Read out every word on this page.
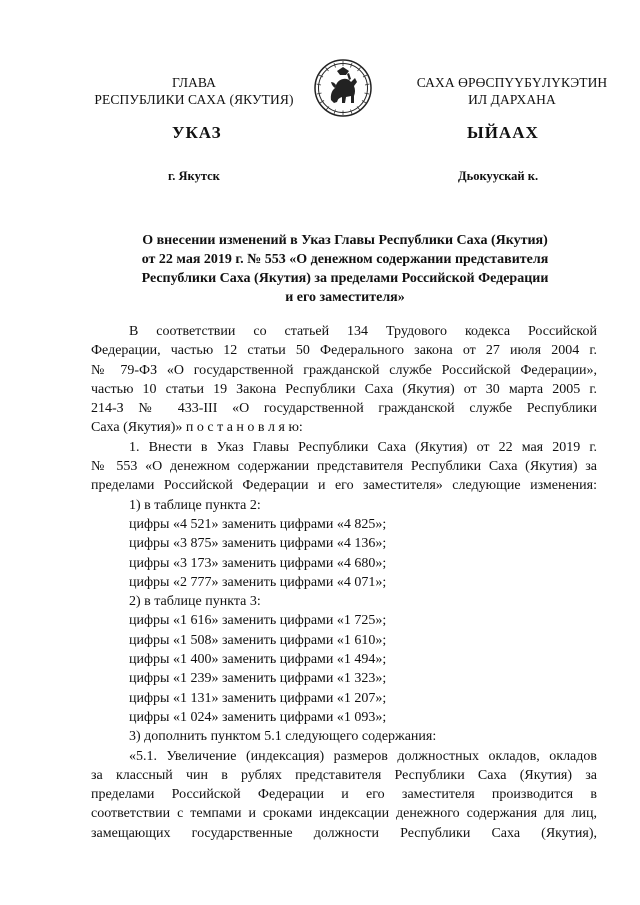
ГЛАВА
РЕСПУБЛИКИ САХА (ЯКУТИЯ)
САХА ӨРӨСПҮҮБҮЛҮКЭТИН
ИЛ ДАРХАНА
УКАЗ	ЫЙААХ
г. Якутск	Дьокуускай к.
О внесении изменений в Указ Главы Республики Саха (Якутия)
от 22 мая 2019 г. № 553 «О денежном содержании представителя
Республики Саха (Якутия) за пределами Российской Федерации
и его заместителя»
В соответствии со статьей 134 Трудового кодекса Российской
Федерации, частью 12 статьи 50 Федерального закона от 27 июля 2004 г.
№ 79-ФЗ «О государственной гражданской службе Российской Федерации»,
частью 10 статьи 19 Закона Республики Саха (Якутия) от 30 марта 2005 г.
214-З № 433-III «О государственной гражданской службе Республики
Саха (Якутия)» п о с т а н о в л я ю:
1. Внести в Указ Главы Республики Саха (Якутия) от 22 мая 2019 г.
№ 553 «О денежном содержании представителя Республики Саха (Якутия) за
пределами Российской Федерации и его заместителя» следующие изменения:
1) в таблице пункта 2:
цифры «4 521» заменить цифрами «4 825»;
цифры «3 875» заменить цифрами «4 136»;
цифры «3 173» заменить цифрами «4 680»;
цифры «2 777» заменить цифрами «4 071»;
2) в таблице пункта 3:
цифры «1 616» заменить цифрами «1 725»;
цифры «1 508» заменить цифрами «1 610»;
цифры «1 400» заменить цифрами «1 494»;
цифры «1 239» заменить цифрами «1 323»;
цифры «1 131» заменить цифрами «1 207»;
цифры «1 024» заменить цифрами «1 093»;
3) дополнить пунктом 5.1 следующего содержания:
«5.1. Увеличение (индексация) размеров должностных окладов, окладов
за классный чин в рублях представителя Республики Саха (Якутия) за
пределами Российской Федерации и его заместителя производится в
соответствии с темпами и сроками индексации денежного содержания для лиц,
замещающих государственные должности Республики Саха (Якутия),
